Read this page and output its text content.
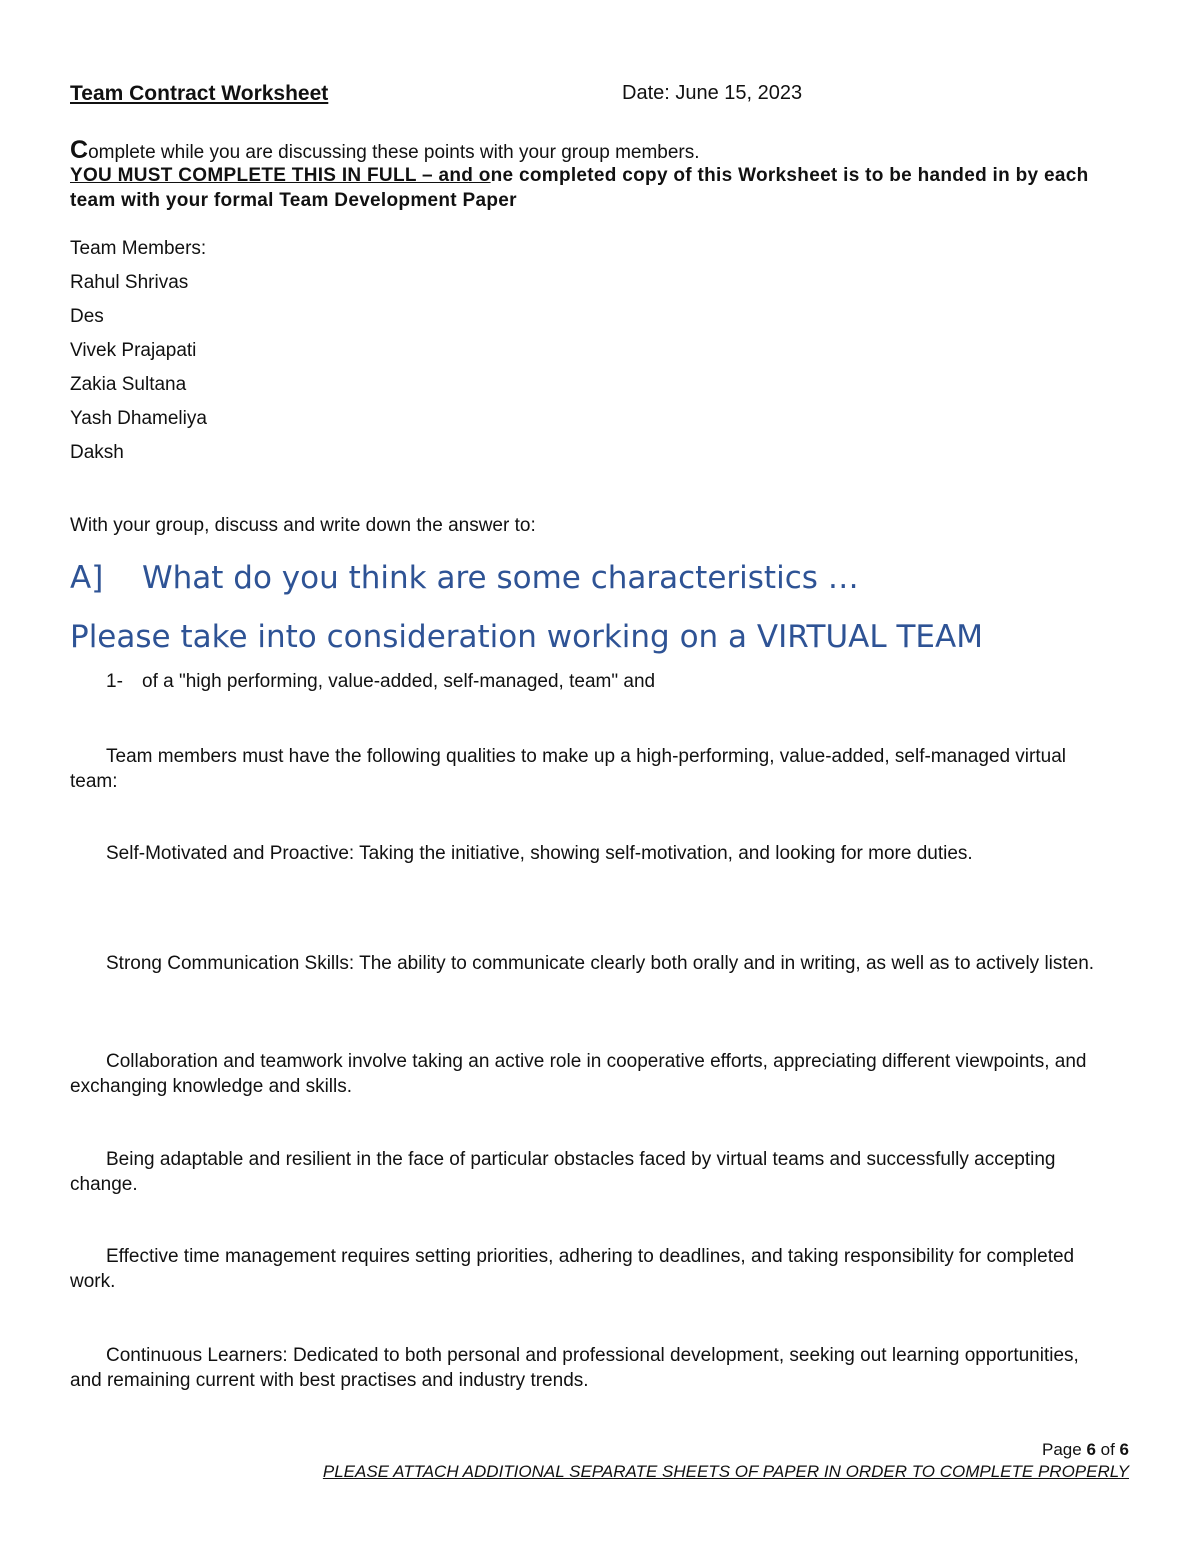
Team Contract Worksheet	Date: June 15, 2023

Complete while you are discussing these points with your group members.

YOU MUST COMPLETE THIS IN FULL – and one completed copy of this Worksheet is to be handed in by each team with your formal Team Development Paper

Team Members:

Rahul Shrivas

Des

Vivek Prajapati

Zakia Sultana

Yash Dhameliya

Daksh

With your group, discuss and write down the answer to:

A] What do you think are some characteristics …

Please take into consideration working on a VIRTUAL TEAM

1- of a "high performing, value-added, self-managed, team" and

Team members must have the following qualities to make up a high-performing, value-added, self-managed virtual team:

Self-Motivated and Proactive: Taking the initiative, showing self-motivation, and looking for more duties.

Strong Communication Skills: The ability to communicate clearly both orally and in writing, as well as to actively listen.

Collaboration and teamwork involve taking an active role in cooperative efforts, appreciating different viewpoints, and exchanging knowledge and skills.

Being adaptable and resilient in the face of particular obstacles faced by virtual teams and successfully accepting change.

Effective time management requires setting priorities, adhering to deadlines, and taking responsibility for completed work.

Continuous Learners: Dedicated to both personal and professional development, seeking out learning opportunities, and remaining current with best practises and industry trends.

Page 6 of 6

PLEASE ATTACH ADDITIONAL SEPARATE SHEETS OF PAPER IN ORDER TO COMPLETE PROPERLY
